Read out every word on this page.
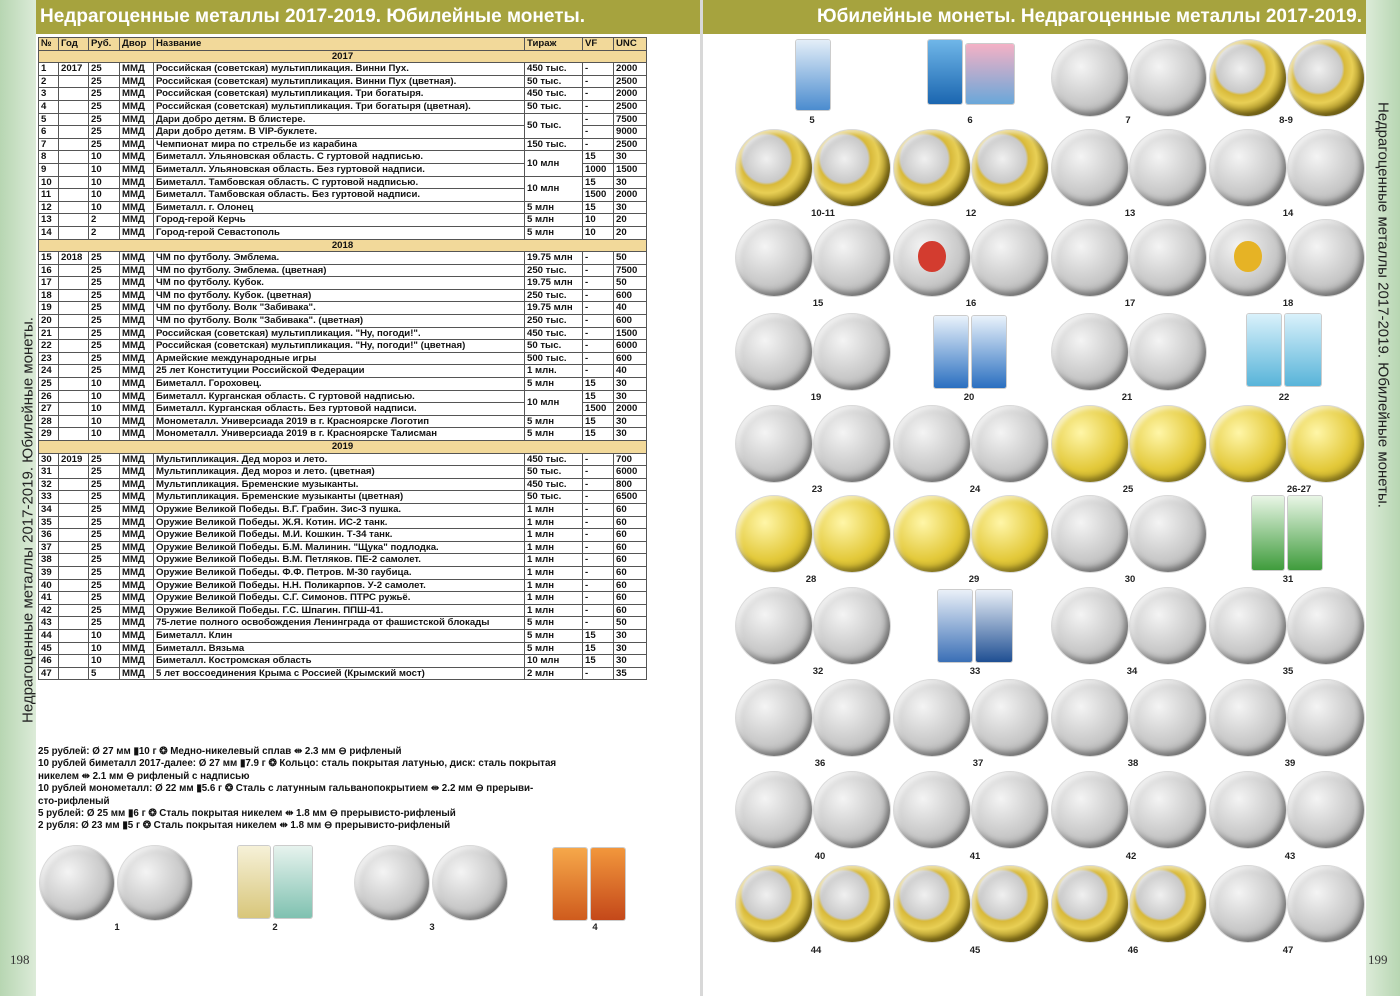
Недрагоценные металлы 2017-2019. Юбилейные монеты.
Недрагоценные металлы 2017-2019. Юбилейные монеты.
198
№	Год	Руб.	Двор	Название	Тираж	VF	UNC
2017							
1	2017	25	ММД	Российская (советская) мультипликация. Винни Пух.	450 тыс.	-	2000
2		25	ММД	Российская (советская) мультипликация. Винни Пух (цветная).	50 тыс.	-	2500
3		25	ММД	Российская (советская) мультипликация. Три богатыря.	450 тыс.	-	2000
4		25	ММД	Российская (советская) мультипликация. Три богатыря (цветная).	50 тыс.	-	2500
5		25	ММД	Дари добро детям. В блистере.	50 тыс.	-	7500
6		25	ММД	Дари добро детям. В VIP-буклете.		-	9000
7		25	ММД	Чемпионат мира по стрельбе из карабина	150 тыс.	-	2500
8		10	ММД	Биметалл. Ульяновская область. С гуртовой надписью.	10 млн	15	30
9		10	ММД	Биметалл. Ульяновская область. Без гуртовой надписи.		1000	1500
10		10	ММД	Биметалл. Тамбовская область. С гуртовой надписью.	10 млн	15	30
11		10	ММД	Биметалл. Тамбовская область. Без гуртовой надписи.		1500	2000
12		10	ММД	Биметалл. г. Олонец	5 млн	15	30
13		2	ММД	Город-герой Керчь	5 млн	10	20
14		2	ММД	Город-герой Севастополь	5 млн	10	20
2018							
15	2018	25	ММД	ЧМ по футболу. Эмблема.	19.75 млн	-	50
16		25	ММД	ЧМ по футболу. Эмблема. (цветная)	250 тыс.	-	7500
17		25	ММД	ЧМ по футболу. Кубок.	19.75 млн	-	50
18		25	ММД	ЧМ по футболу. Кубок. (цветная)	250 тыс.	-	600
19		25	ММД	ЧМ по футболу. Волк "Забивака".	19.75 млн	-	40
20		25	ММД	ЧМ по футболу. Волк "Забивака". (цветная)	250 тыс.	-	600
21		25	ММД	Российская (советская) мультипликация. "Ну, погоди!".	450 тыс.	-	1500
22		25	ММД	Российская (советская) мультипликация. "Ну, погоди!" (цветная)	50 тыс.	-	6000
23		25	ММД	Армейские международные игры	500 тыс.	-	600
24		25	ММД	25 лет Конституции Российской Федерации	1 млн.	-	40
25		10	ММД	Биметалл. Гороховец.	5 млн	15	30
26		10	ММД	Биметалл. Курганская область. С гуртовой надписью.	10 млн	15	30
27		10	ММД	Биметалл. Курганская область. Без гуртовой надписи.		1500	2000
28		10	ММД	Монометалл. Универсиада 2019 в г. Красноярске Логотип	5 млн	15	30
29		10	ММД	Монометалл. Универсиада 2019 в г. Красноярске Талисман	5 млн	15	30
2019							
30	2019	25	ММД	Мультипликация. Дед мороз и лето.	450 тыс.	-	700
31		25	ММД	Мультипликация. Дед мороз и лето. (цветная)	50 тыс.	-	6000
32		25	ММД	Мультипликация. Бременские музыканты.	450 тыс.	-	800
33		25	ММД	Мультипликация. Бременские музыканты (цветная)	50 тыс.	-	6500
34		25	ММД	Оружие Великой Победы. В.Г. Грабин. Зис-3 пушка.	1 млн	-	60
35		25	ММД	Оружие Великой Победы. Ж.Я. Котин. ИС-2 танк.	1 млн	-	60
36		25	ММД	Оружие Великой Победы. М.И. Кошкин. Т-34 танк.	1 млн	-	60
37		25	ММД	Оружие Великой Победы. Б.М. Малинин. "Щука" подлодка.	1 млн	-	60
38		25	ММД	Оружие Великой Победы. В.М. Петляков. ПЕ-2 самолет.	1 млн	-	60
39		25	ММД	Оружие Великой Победы. Ф.Ф. Петров. М-30 гаубица.	1 млн	-	60
40		25	ММД	Оружие Великой Победы. Н.Н. Поликарпов. У-2 самолет.	1 млн	-	60
41		25	ММД	Оружие Великой Победы. С.Г. Симонов. ПТРС ружьё.	1 млн	-	60
42		25	ММД	Оружие Великой Победы. Г.С. Шпагин. ППШ-41.	1 млн	-	60
43		25	ММД	75-летие полного освобождения Ленинграда от фашистской блокады	5 млн	-	50
44		10	ММД	Биметалл. Клин	5 млн	15	30
45		10	ММД	Биметалл. Вязьма	5 млн	15	30
46		10	ММД	Биметалл. Костромская область	10 млн	15	30
47		5	ММД	5 лет воссоединения Крыма с Россией (Крымский мост)	2 млн	-	35
25 рублей: Ø 27 мм ▮10 г ❂ Медно-никелевый сплав ⇹ 2.3 мм ⊖ рифленый
10 рублей биметалл 2017-далее: Ø 27 мм ▮7.9 г ❂ Кольцо: сталь покрытая латунью, диск: сталь покрытая
никелем ⇹ 2.1 мм ⊖ рифленый с надписью
10 рублей монометалл: Ø 22 мм ▮5.6 г ❂ Сталь с латунным гальванопокрытием ⇹ 2.2 мм ⊖ прерыви-
сто-рифленый
5 рублей: Ø 25 мм ▮6 г ❂ Сталь покрытая никелем ⇹ 1.8 мм ⊖ прерывисто-рифленый
2 рубля: Ø 23 мм ▮5 г ❂ Сталь покрытая никелем ⇹ 1.8 мм ⊖ прерывисто-рифленый
Юбилейные монеты. Недрагоценные металлы 2017-2019.
Недрагоценные металлы 2017-2019. Юбилейные монеты.
199
1	2	3	4
5	6	7	8-9
10-11	12	13	14
15	16	17	18
19	20	21	22
23	24	25	26-27
28	29	30	31
32	33	34	35
36	37	38	39
40	41	42	43
44	45	46	47
